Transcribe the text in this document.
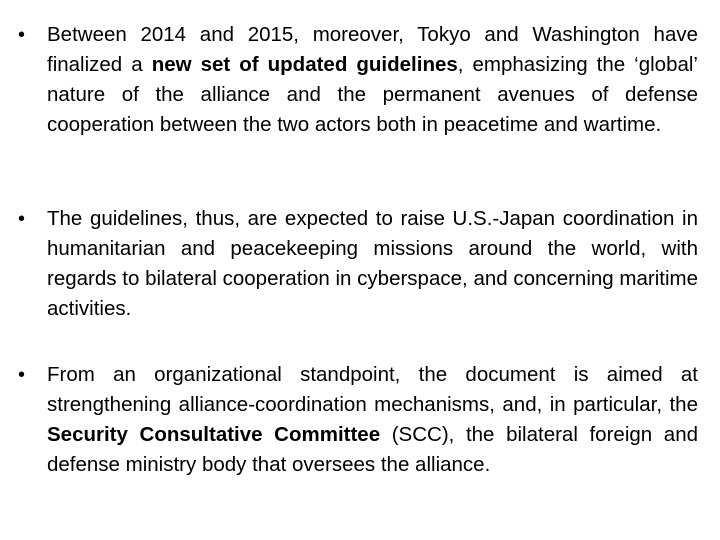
• Between 2014 and 2015, moreover, Tokyo and Washington have finalized a new set of updated guidelines, emphasizing the ‘global’ nature of the alliance and the permanent avenues of defense cooperation between the two actors both in peacetime and wartime.
• The guidelines, thus, are expected to raise U.S.-Japan coordination in humanitarian and peacekeeping missions around the world, with regards to bilateral cooperation in cyberspace, and concerning maritime activities.
• From an organizational standpoint, the document is aimed at strengthening alliance-coordination mechanisms, and, in particular, the Security Consultative Committee (SCC), the bilateral foreign and defense ministry body that oversees the alliance.
